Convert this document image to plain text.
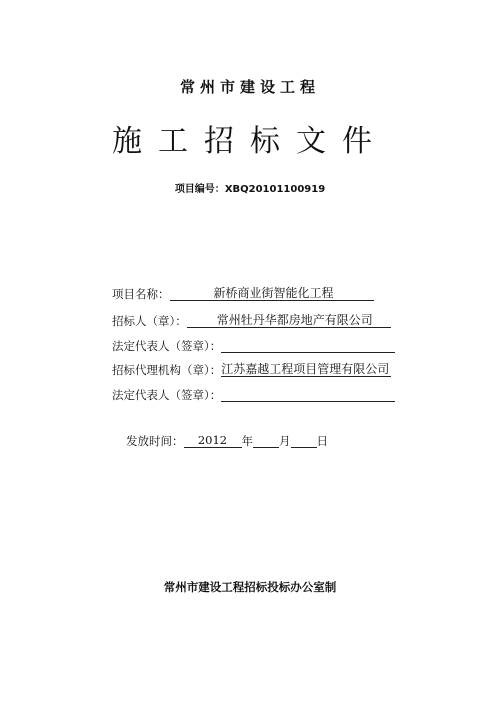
常州市建设工程
施工招标文件
项目编号：XBQ20101100919
项目名称：	新桥商业街智能化工程
招标人（章）：	常州牡丹华都房地产有限公司
法定代表人（签章）：
招标代理机构（章）：江苏嘉越工程项目管理有限公司
法定代表人（签章）：
发放时间： 2012 年 月 日
常州市建设工程招标投标办公室制
